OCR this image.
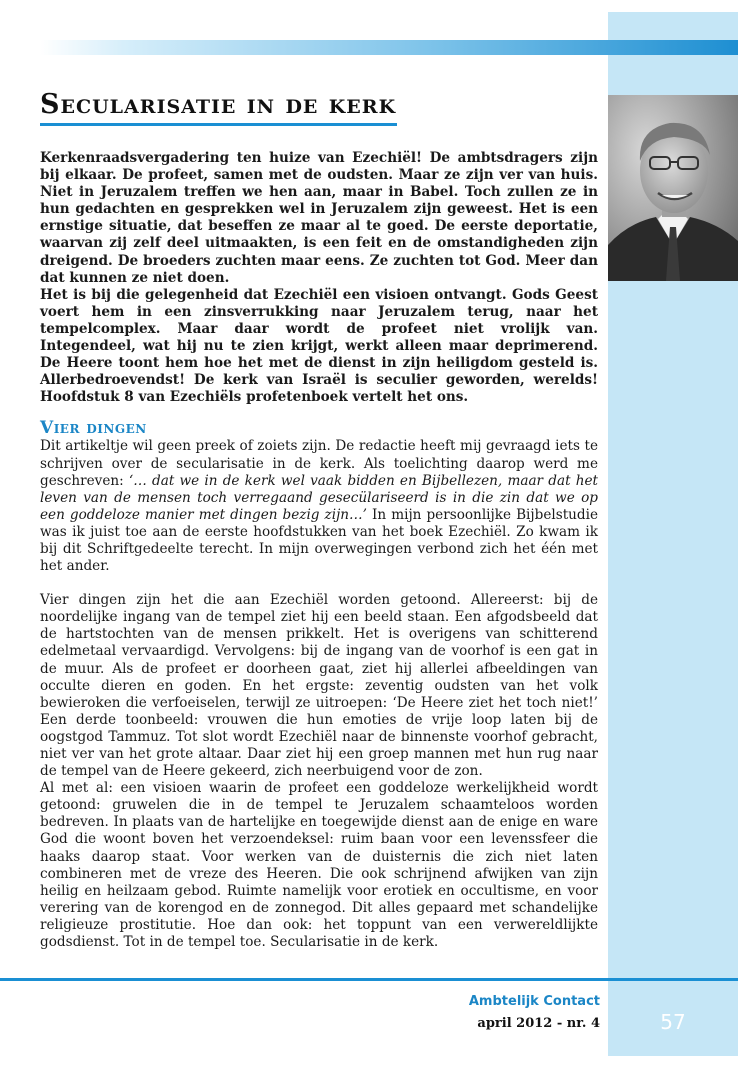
Secularisatie in de kerk

Kerkenraadsvergadering ten huize van Ezechiël! De ambtsdragers zijn bij elkaar. De profeet, samen met de oudsten. Maar ze zijn ver van huis. Niet in Jeruzalem treffen we hen aan, maar in Babel. Toch zullen ze in hun gedachten en gesprekken wel in Jeruzalem zijn geweest. Het is een ernstige situatie, dat beseffen ze maar al te goed. De eerste deportatie, waarvan zij zelf deel uitmaakten, is een feit en de omstandigheden zijn dreigend. De broeders zuchten maar eens. Ze zuchten tot God. Meer dan dat kunnen ze niet doen.

Het is bij die gelegenheid dat Ezechiël een visioen ontvangt. Gods Geest voert hem in een zinsverrukking naar Jeruzalem terug, naar het tempelcomplex. Maar daar wordt de profeet niet vrolijk van. Integendeel, wat hij nu te zien krijgt, werkt alleen maar deprimerend. De Heere toont hem hoe het met de dienst in zijn heiligdom gesteld is. Allerbedroevendst! De kerk van Israël is seculier geworden, werelds! Hoofdstuk 8 van Ezechiëls profetenboek vertelt het ons.

Vier dingen

Dit artikeltje wil geen preek of zoiets zijn. De redactie heeft mij gevraagd iets te schrijven over de secularisatie in de kerk. Als toelichting daarop werd me geschreven: ‘… dat we in de kerk wel vaak bidden en Bijbellezen, maar dat het leven van de mensen toch verregaand gesecülariseerd is in die zin dat we op een goddeloze manier met dingen bezig zijn…’ In mijn persoonlijke Bijbelstudie was ik juist toe aan de eerste hoofdstukken van het boek Ezechiël. Zo kwam ik bij dit Schriftgedeelte terecht. In mijn overwegingen verbond zich het één met het ander.

Vier dingen zijn het die aan Ezechiël worden getoond. Allereerst: bij de noordelijke ingang van de tempel ziet hij een beeld staan. Een afgodsbeeld dat de hartstochten van de mensen prikkelt. Het is overigens van schitterend edelmetaal vervaardigd. Vervolgens: bij de ingang van de voorhof is een gat in de muur. Als de profeet er doorheen gaat, ziet hij allerlei afbeeldingen van occulte dieren en goden. En het ergste: zeventig oudsten van het volk bewieroken die verfoeiselen, terwijl ze uitroepen: ‘De Heere ziet het toch niet!’ Een derde toonbeeld: vrouwen die hun emoties de vrije loop laten bij de oogstgod Tammuz. Tot slot wordt Ezechiël naar de binnenste voorhof gebracht, niet ver van het grote altaar. Daar ziet hij een groep mannen met hun rug naar de tempel van de Heere gekeerd, zich neerbuigend voor de zon.

Al met al: een visioen waarin de profeet een goddeloze werkelijkheid wordt getoond: gruwelen die in de tempel te Jeruzalem schaamteloos worden bedreven. In plaats van de hartelijke en toegewijde dienst aan de enige en ware God die woont boven het verzoendeksel: ruim baan voor een levenssfeer die haaks daarop staat. Voor werken van de duisternis die zich niet laten combineren met de vreze des Heeren. Die ook schrijnend afwijken van zijn heilig en heilzaam gebod. Ruimte namelijk voor erotiek en occultisme, en voor verering van de korengod en de zonnegod. Dit alles gepaard met schandelijke religieuze prostitutie. Hoe dan ook: het toppunt van een verwereldlijkte godsdienst. Tot in de tempel toe. Secularisatie in de kerk.

Ambtelijk Contact
april 2012 - nr. 4	57
